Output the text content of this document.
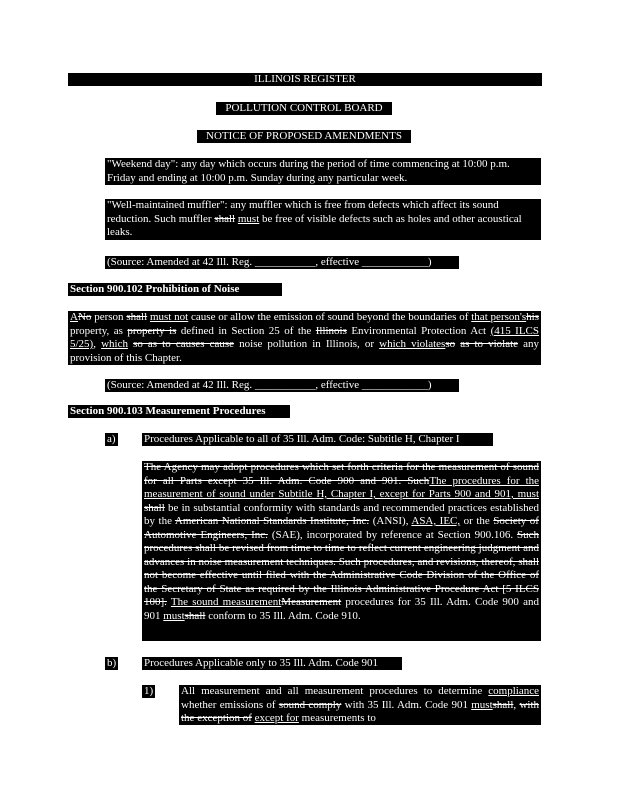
ILLINOIS REGISTER
POLLUTION CONTROL BOARD
NOTICE OF PROPOSED AMENDMENTS
"Weekend day": any day which occurs during the period of time commencing at 10:00 p.m. Friday and ending at 10:00 p.m. Sunday during any particular week.
"Well-maintained muffler": any muffler which is free from defects which affect its sound reduction. Such muffler shall must be free of visible defects such as holes and other acoustical leaks.
(Source: Amended at 42 Ill. Reg. ___________, effective ____________)
Section 900.102 Prohibition of Noise Pollution
ANo person shall must not cause or allow the emission of sound beyond the boundaries of that person'shis property, as property is defined in Section 25 of the Illinois Environmental Protection Act (415 ILCS 5/25), which so as to causes cause noise pollution in Illinois, or which violatesso as to violate any provision of this Chapter.
(Source: Amended at 42 Ill. Reg. ___________, effective ____________)
Section 900.103 Measurement Procedures
a)	Procedures Applicable to all of 35 Ill. Adm. Code: Subtitle H, Chapter I
The Agency may adopt procedures which set forth criteria for the measurement of sound for all Parts except 35 Ill. Adm. Code 900 and 901. SuchThe procedures for the measurement of sound under Subtitle H, Chapter I, except for Parts 900 and 901, must shall be in substantial conformity with standards and recommended practices established by the American National Standards Institute, Inc. (ANSI), ASA, IEC, or the Society of Automotive Engineers, Inc. (SAE), incorporated by reference at Section 900.106. Such procedures shall be revised from time to time to reflect current engineering judgment and advances in noise measurement techniques. Such procedures, and revisions, thereof, shall not become effective until filed with the Administrative Code Division of the Office of the Secretary of State as required by the Illinois Administrative Procedure Act [5 ILCS 100]. The sound measurementMeasurement procedures for 35 Ill. Adm. Code 900 and 901 mustshall conform to 35 Ill. Adm. Code 910.
b)	Procedures Applicable only to 35 Ill. Adm. Code 901
1)	All measurement and all measurement procedures to determine compliance whether emissions of sound comply with 35 Ill. Adm. Code 901 mustshall, with the exception of except for measurements to
